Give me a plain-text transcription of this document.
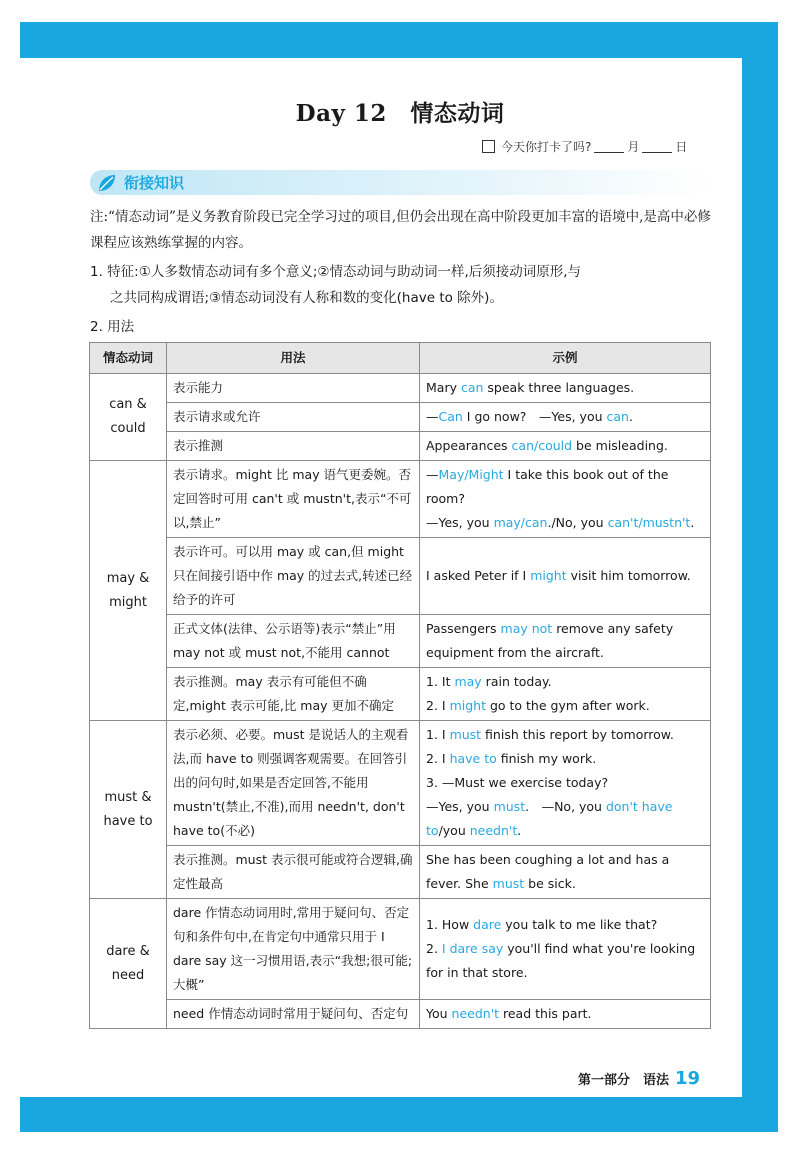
Day 12　情态动词
今天你打卡了吗?	月	日
衔接知识
注:“情态动词”是义务教育阶段已完全学习过的项目,但仍会出现在高中阶段更加丰富的语境中,是高中必修课程应该熟练掌握的内容。
1. 特征:①人多数情态动词有多个意义;②情态动词与助动词一样,后须接动词原形,与
之共同构成谓语;③情态动词没有人称和数的变化(have to 除外)。
2. 用法
情态动词	用法	示例
can &
could	表示能力	Mary can speak three languages.
	表示请求或允许	—Can I go now?　—Yes, you can.
	表示推测	Appearances can/could be misleading.
may &
might	表示请求。might 比 may 语气更委婉。否定回答时可用 can't 或 mustn't,表示“不可以,禁止”	—May/Might I take this book out of the room?
—Yes, you may/can./No, you can't/mustn't.
	表示许可。可以用 may 或 can,但 might 只在间接引语中作 may 的过去式,转述已经给予的许可	I asked Peter if I might visit him tomorrow.
	正式文体(法律、公示语等)表示“禁止”用 may not 或 must not,不能用 cannot	Passengers may not remove any safety equipment from the aircraft.
	表示推测。may 表示有可能但不确定,might 表示可能,比 may 更加不确定	1. It may rain today.
2. I might go to the gym after work.
must &
have to	表示必须、必要。must 是说话人的主观看法,而 have to 则强调客观需要。在回答引出的问句时,如果是否定回答,不能用 mustn't(禁止,不准),而用 needn't, don't have to(不必)	1. I must finish this report by tomorrow.
2. I have to finish my work.
3. —Must we exercise today?
—Yes, you must.　—No, you don't have to/you needn't.
	表示推测。must 表示很可能或符合逻辑,确定性最高	She has been coughing a lot and has a fever. She must be sick.
dare &
need	dare 作情态动词用时,常用于疑问句、否定句和条件句中,在肯定句中通常只用于 I dare say 这一习惯用语,表示“我想;很可能;大概”	1. How dare you talk to me like that?
2. I dare say you'll find what you're looking for in that store.
	need 作情态动词时常用于疑问句、否定句	You needn't read this part.
第一部分　语法 19
